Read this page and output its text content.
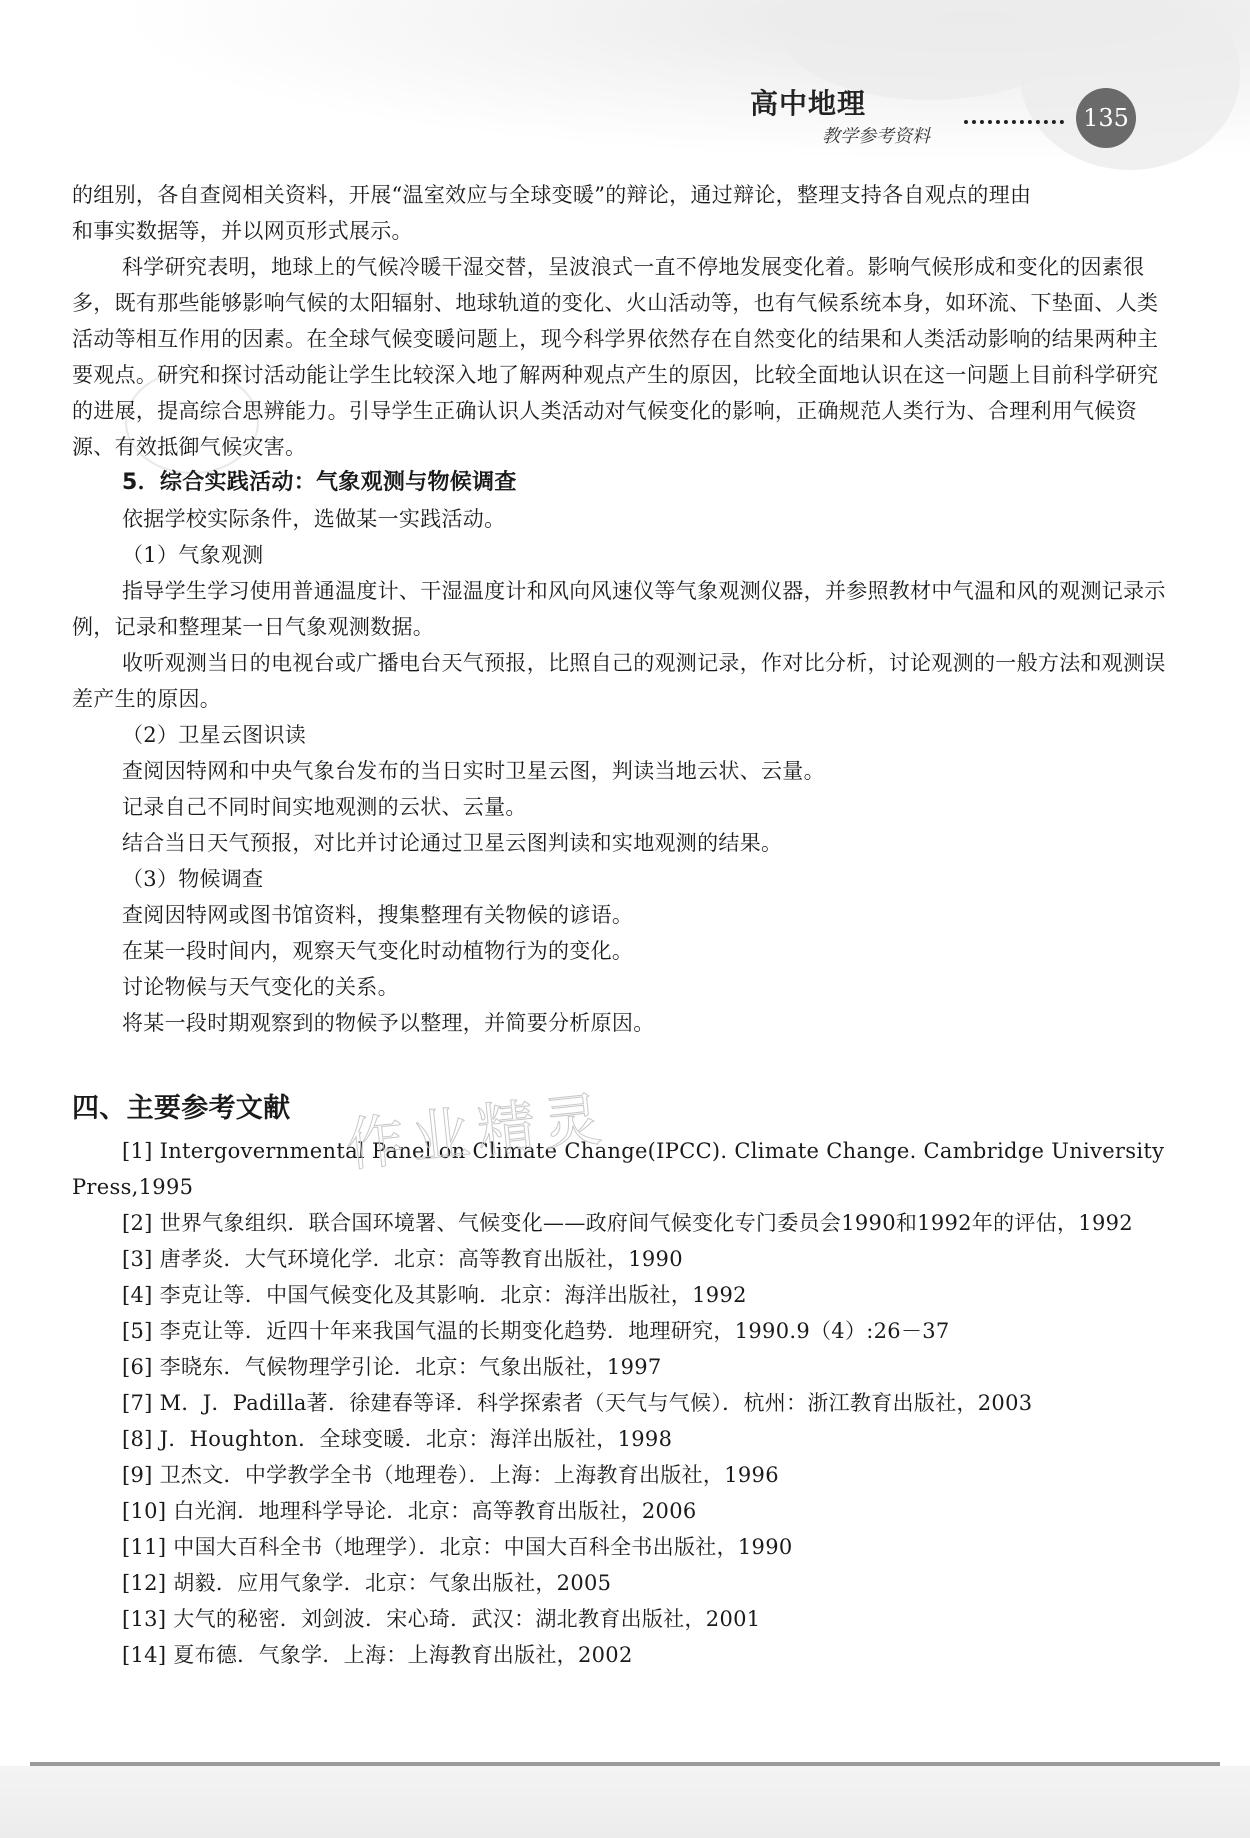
高中地理
教学参考资料
135

的组别，各自查阅相关资料，开展“温室效应与全球变暖”的辩论，通过辩论，整理支持各自观点的理由

和事实数据等，并以网页形式展示。

科学研究表明，地球上的气候冷暖干湿交替，呈波浪式一直不停地发展变化着。影响气候形成和变化的因素很多，既有那些能够影响气候的太阳辐射、地球轨道的变化、火山活动等，也有气候系统本身，如环流、下垫面、人类活动等相互作用的因素。在全球气候变暖问题上，现今科学界依然存在自然变化的结果和人类活动影响的结果两种主要观点。研究和探讨活动能让学生比较深入地了解两种观点产生的原因，比较全面地认识在这一问题上目前科学研究的进展，提高综合思辨能力。引导学生正确认识人类活动对气候变化的影响，正确规范人类行为、合理利用气候资源、有效抵御气候灾害。

5．综合实践活动：气象观测与物候调查

依据学校实际条件，选做某一实践活动。

（1）气象观测

指导学生学习使用普通温度计、干湿温度计和风向风速仪等气象观测仪器，并参照教材中气温和风的观测记录示例，记录和整理某一日气象观测数据。

收听观测当日的电视台或广播电台天气预报，比照自己的观测记录，作对比分析，讨论观测的一般方法和观测误差产生的原因。

（2）卫星云图识读

查阅因特网和中央气象台发布的当日实时卫星云图，判读当地云状、云量。

记录自己不同时间实地观测的云状、云量。

结合当日天气预报，对比并讨论通过卫星云图判读和实地观测的结果。

（3）物候调查

查阅因特网或图书馆资料，搜集整理有关物候的谚语。

在某一段时间内，观察天气变化时动植物行为的变化。

讨论物候与天气变化的关系。

将某一段时期观察到的物候予以整理，并简要分析原因。

四、主要参考文献

[1] Intergovernmental Panel on Climate Change(IPCC). Climate Change. Cambridge University Press,1995
[2] 世界气象组织．联合国环境署、气候变化——政府间气候变化专门委员会1990和1992年的评估，1992
[3] 唐孝炎．大气环境化学．北京：高等教育出版社，1990
[4] 李克让等．中国气候变化及其影响．北京：海洋出版社，1992
[5] 李克让等．近四十年来我国气温的长期变化趋势．地理研究，1990.9（4）:26－37
[6] 李晓东．气候物理学引论．北京：气象出版社，1997
[7] M．J．Padilla著．徐建春等译．科学探索者（天气与气候）．杭州：浙江教育出版社，2003
[8] J．Houghton．全球变暖．北京：海洋出版社，1998
[9] 卫杰文．中学教学全书（地理卷）．上海：上海教育出版社，1996
[10] 白光润．地理科学导论．北京：高等教育出版社，2006
[11] 中国大百科全书（地理学）．北京：中国大百科全书出版社，1990
[12] 胡毅．应用气象学．北京：气象出版社，2005
[13] 大气的秘密．刘剑波．宋心琦．武汉：湖北教育出版社，2001
[14] 夏布德．气象学．上海：上海教育出版社，2002
作业精灵
